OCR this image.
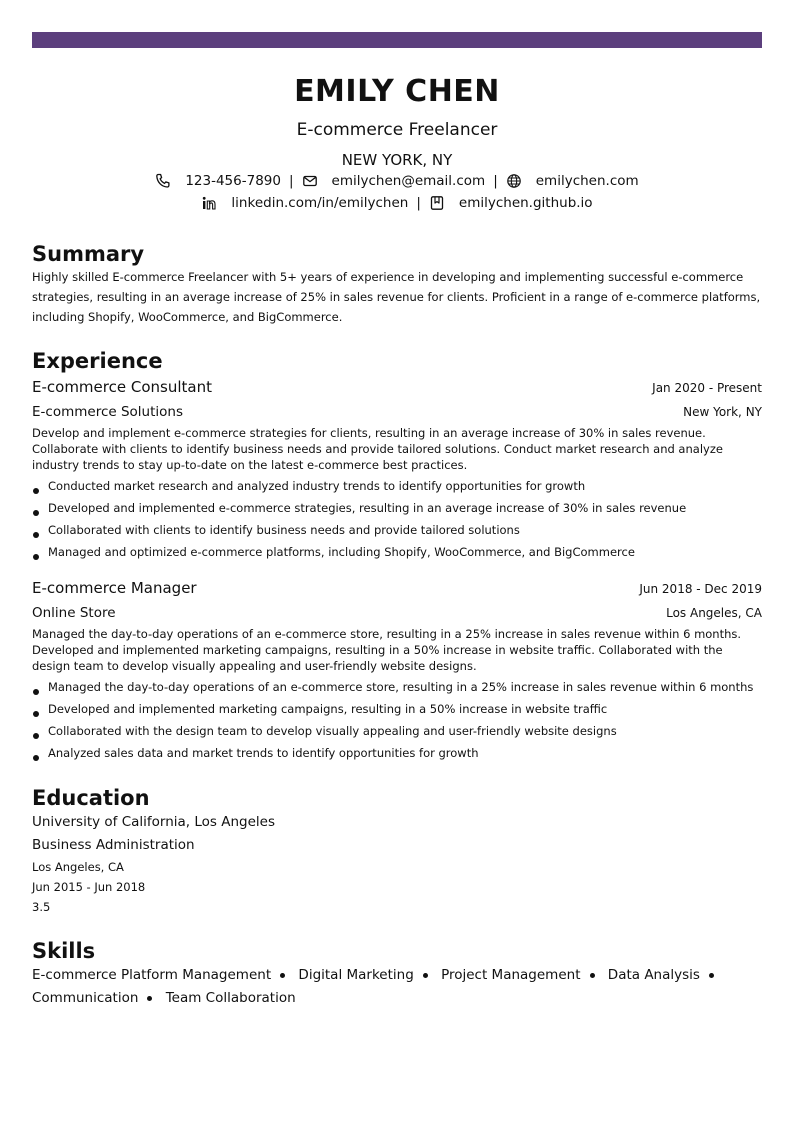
EMILY CHEN
E-commerce Freelancer
NEW YORK, NY
123-456-7890 |	emilychen@email.com |	emilychen.com
linkedin.com/in/emilychen |	emilychen.github.io
Summary
Highly skilled E-commerce Freelancer with 5+ years of experience in developing and implementing successful e-commerce strategies, resulting in an average increase of 25% in sales revenue for clients. Proficient in a range of e-commerce platforms, including Shopify, WooCommerce, and BigCommerce.
Experience
E-commerce Consultant	Jan 2020 - Present
E-commerce Solutions	New York, NY
Develop and implement e-commerce strategies for clients, resulting in an average increase of 30% in sales revenue. Collaborate with clients to identify business needs and provide tailored solutions. Conduct market research and analyze industry trends to stay up-to-date on the latest e-commerce best practices.
Conducted market research and analyzed industry trends to identify opportunities for growth
Developed and implemented e-commerce strategies, resulting in an average increase of 30% in sales revenue
Collaborated with clients to identify business needs and provide tailored solutions
Managed and optimized e-commerce platforms, including Shopify, WooCommerce, and BigCommerce
E-commerce Manager	Jun 2018 - Dec 2019
Online Store	Los Angeles, CA
Managed the day-to-day operations of an e-commerce store, resulting in a 25% increase in sales revenue within 6 months. Developed and implemented marketing campaigns, resulting in a 50% increase in website traffic. Collaborated with the design team to develop visually appealing and user-friendly website designs.
Managed the day-to-day operations of an e-commerce store, resulting in a 25% increase in sales revenue within 6 months
Developed and implemented marketing campaigns, resulting in a 50% increase in website traffic
Collaborated with the design team to develop visually appealing and user-friendly website designs
Analyzed sales data and market trends to identify opportunities for growth
Education
University of California, Los Angeles
Business Administration
Los Angeles, CA
Jun 2015 - Jun 2018
3.5
Skills
E-commerce Platform Management Digital Marketing Project Management Data Analysis
Communication Team Collaboration
